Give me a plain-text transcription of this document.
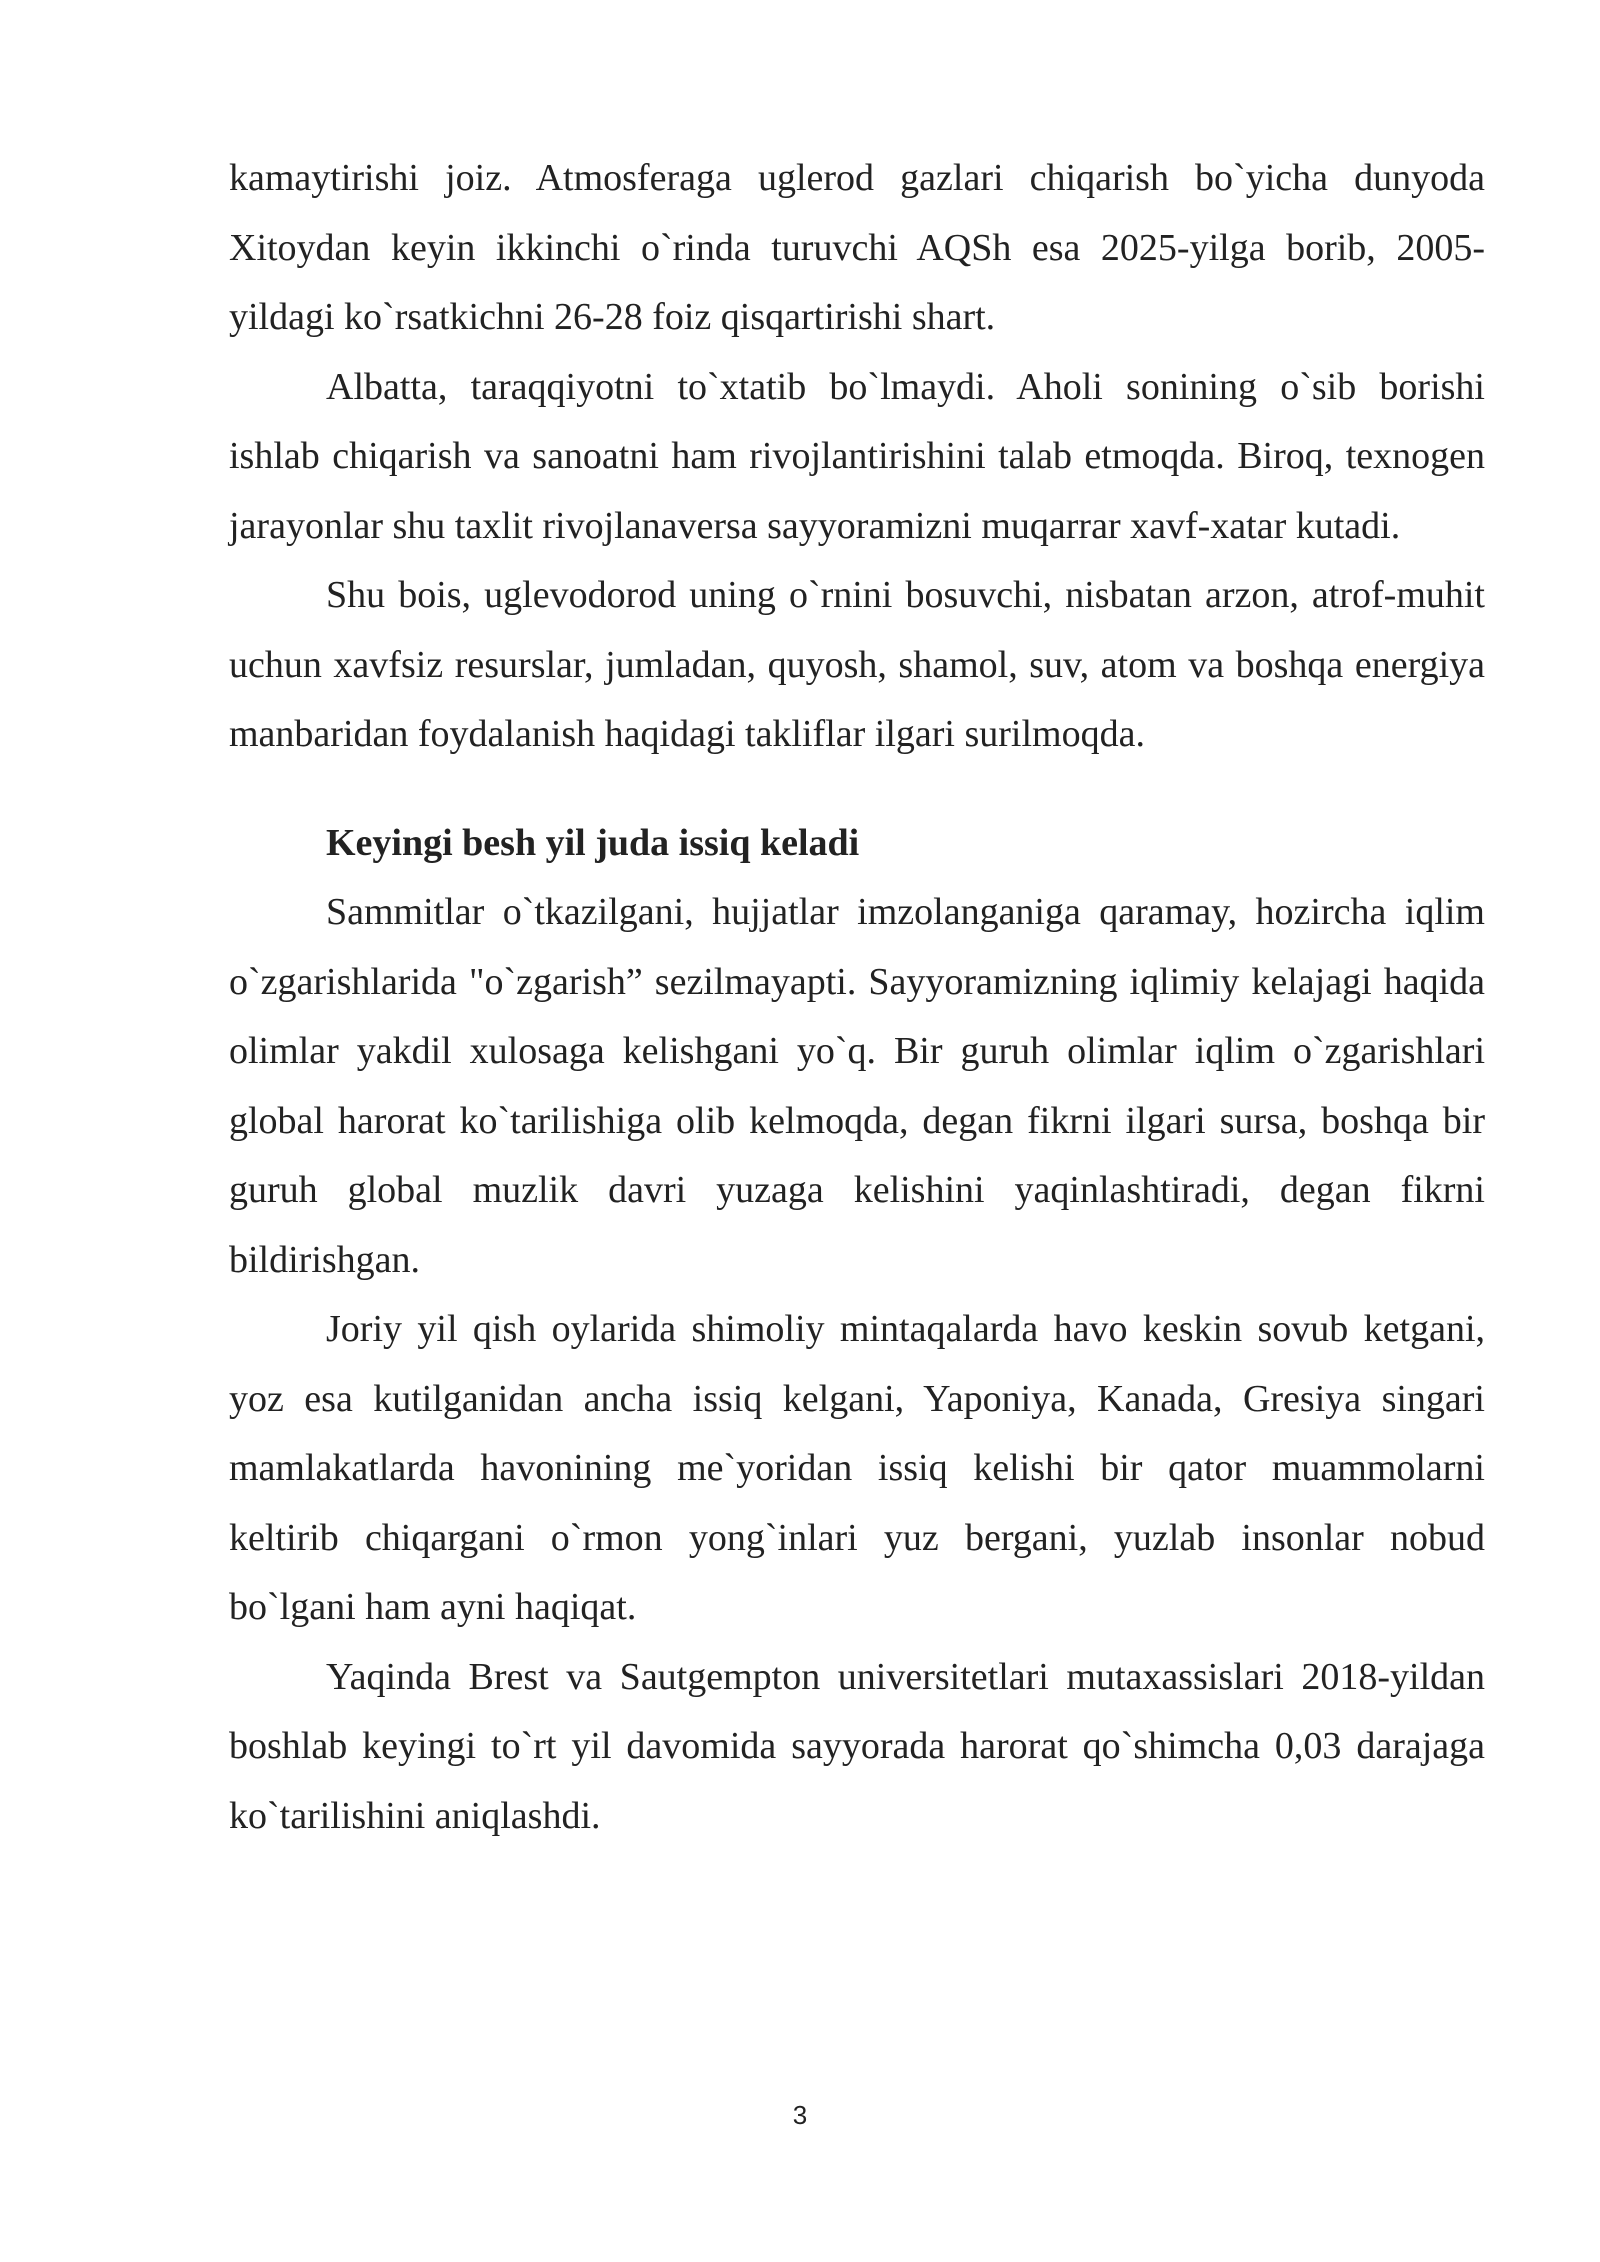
kamaytirishi joiz. Atmosferaga uglerod gazlari chiqarish bo`yicha dunyoda Xitoydan keyin ikkinchi o`rinda turuvchi AQSh esa 2025-yilga borib, 2005-yildagi ko`rsatkichni 26-28 foiz qisqartirishi shart.

Albatta, taraqqiyotni to`xtatib bo`lmaydi. Aholi sonining o`sib borishi ishlab chiqarish va sanoatni ham rivojlantirishini talab etmoqda. Biroq, texnogen jarayonlar shu taxlit rivojlanaversa sayyoramizni muqarrar xavf-xatar kutadi.

Shu bois, uglevodorod uning o`rnini bosuvchi, nisbatan arzon, atrof-muhit uchun xavfsiz resurslar, jumladan, quyosh, shamol, suv, atom va boshqa energiya manbaridan foydalanish haqidagi takliflar ilgari surilmoqda.

Keyingi besh yil juda issiq keladi

Sammitlar o`tkazilgani, hujjatlar imzolanganiga qaramay, hozircha iqlim o`zgarishlarida "o`zgarish” sezilmayapti. Sayyoramizning iqlimiy kelajagi haqida olimlar yakdil xulosaga kelishgani yo`q. Bir guruh olimlar iqlim o`zgarishlari global harorat ko`tarilishiga olib kelmoqda, degan fikrni ilgari sursa, boshqa bir guruh global muzlik davri yuzaga kelishini yaqinlashtiradi, degan fikrni bildirishgan.

Joriy yil qish oylarida shimoliy mintaqalarda havo keskin sovub ketgani, yoz esa kutilganidan ancha issiq kelgani, Yaponiya, Kanada, Gresiya singari mamlakatlarda havonining me`yoridan issiq kelishi bir qator muammolarni keltirib chiqargani o`rmon yong`inlari yuz bergani, yuzlab insonlar nobud bo`lgani ham ayni haqiqat.

Yaqinda Brest va Sautgempton universitetlari mutaxassislari 2018-yildan boshlab keyingi to`rt yil davomida sayyorada harorat qo`shimcha 0,03 darajaga ko`tarilishini aniqlashdi.

3
